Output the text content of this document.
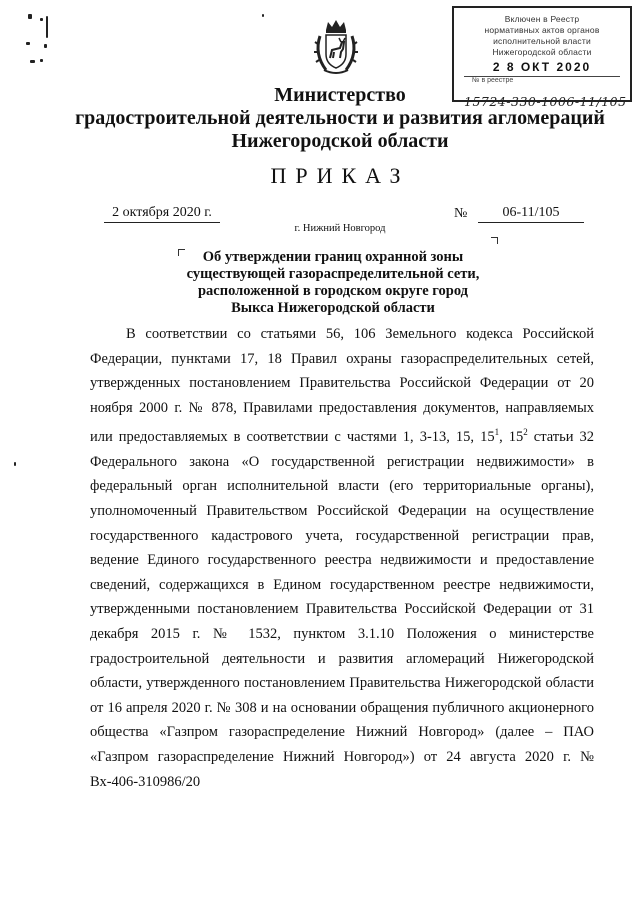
Включен в Реестр
нормативных актов органов
исполнительной власти
Нижегородской области
2 8 ОКТ 2020
№ в реестре
15724-330-1006-11/105
Министерство
градостроительной деятельности и развития агломераций
Нижегородской области
ПРИКАЗ
2 октября 2020 г.	№	06-11/105
г. Нижний Новгород
Об утверждении границ охранной зоны
существующей газораспределительной сети,
расположенной в городском округе город
Выкса Нижегородской области

В соответствии со статьями 56, 106 Земельного кодекса Российской Федерации, пунктами 17, 18 Правил охраны газораспределительных сетей, утвержденных постановлением Правительства Российской Федерации от 20 ноября 2000 г. № 878, Правилами предоставления документов, направляемых или предоставляемых в соответствии с частями 1, 3-13, 15, $15^1$, $15^2$ статьи 32 Федерального закона «О государственной регистрации недвижимости» в федеральный орган исполнительной власти (его территориальные органы), уполномоченный Правительством Российской Федерации на осуществление государственного кадастрового учета, государственной регистрации прав, ведение Единого государственного реестра недвижимости и предоставление сведений, содержащихся в Едином государственном реестре недвижимости, утвержденными постановлением Правительства Российской Федерации от 31 декабря 2015 г. № 1532, пунктом 3.1.10 Положения о министерстве градостроительной деятельности и развития агломераций Нижегородской области, утвержденного постановлением Правительства Нижегородской области от 16 апреля 2020 г. № 308 и на основании обращения публичного акционерного общества «Газпром газораспределение Нижний Новгород» (далее – ПАО «Газпром газораспределение Нижний Новгород») от 24 августа 2020 г. № Вх-406-310986/20
